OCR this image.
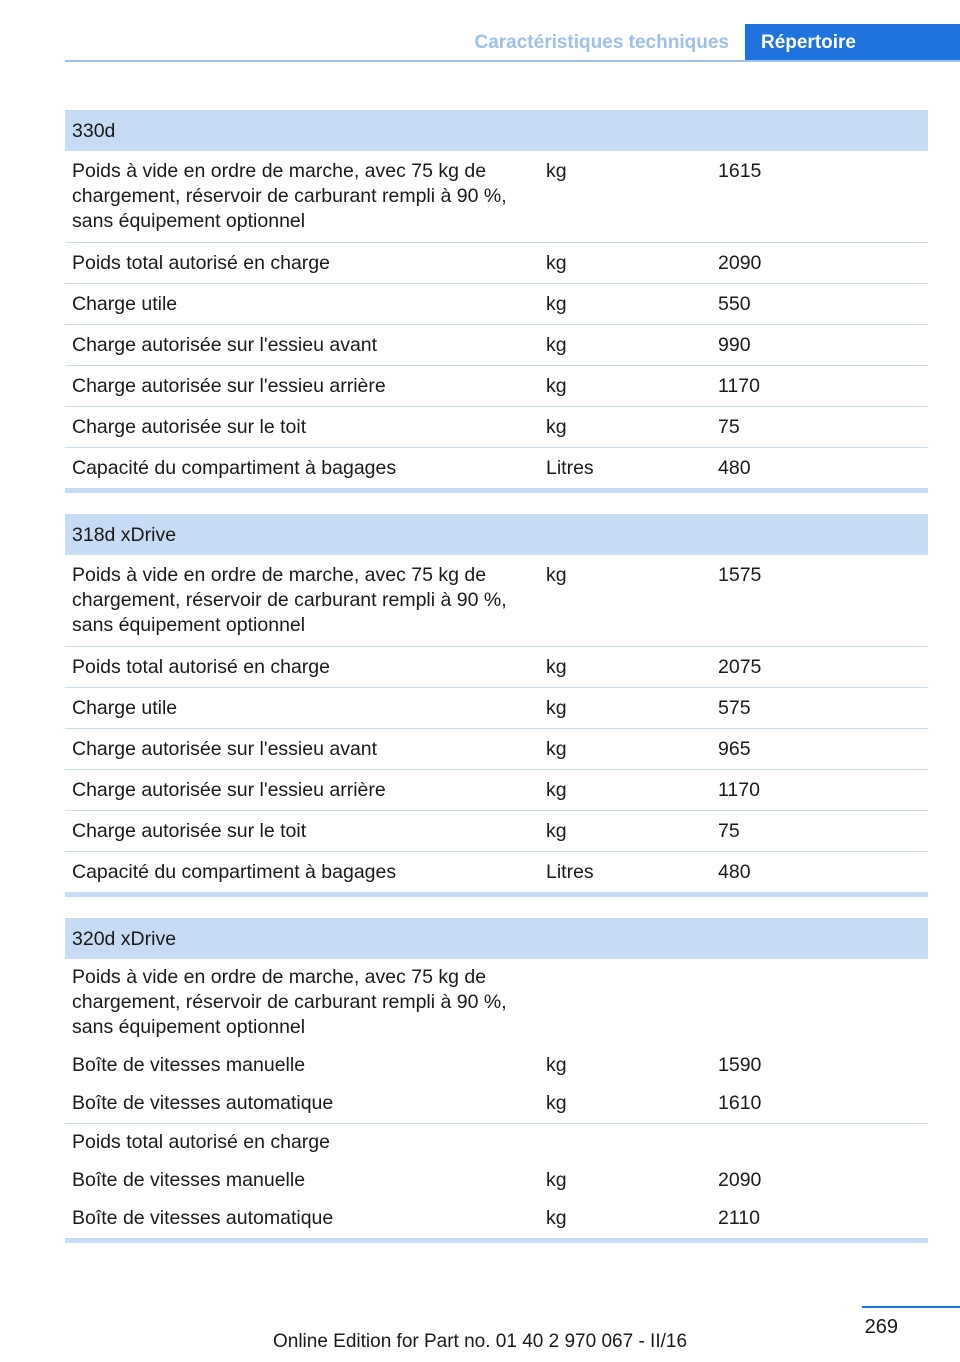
Caractéristiques techniques	Répertoire
330d		
Poids à vide en ordre de marche, avec 75 kg de chargement, réservoir de carburant rempli à 90 %, sans équipement optionnel	kg	1615
Poids total autorisé en charge	kg	2090
Charge utile	kg	550
Charge autorisée sur l'essieu avant	kg	990
Charge autorisée sur l'essieu arrière	kg	1170
Charge autorisée sur le toit	kg	75
Capacité du compartiment à bagages	Litres	480
318d xDrive		
Poids à vide en ordre de marche, avec 75 kg de chargement, réservoir de carburant rempli à 90 %, sans équipement optionnel	kg	1575
Poids total autorisé en charge	kg	2075
Charge utile	kg	575
Charge autorisée sur l'essieu avant	kg	965
Charge autorisée sur l'essieu arrière	kg	1170
Charge autorisée sur le toit	kg	75
Capacité du compartiment à bagages	Litres	480
320d xDrive		
Poids à vide en ordre de marche, avec 75 kg de chargement, réservoir de carburant rempli à 90 %, sans équipement optionnel		
Boîte de vitesses manuelle	kg	1590
Boîte de vitesses automatique	kg	1610
Poids total autorisé en charge		
Boîte de vitesses manuelle	kg	2090
Boîte de vitesses automatique	kg	2110
269
Online Edition for Part no. 01 40 2 970 067 - II/16
